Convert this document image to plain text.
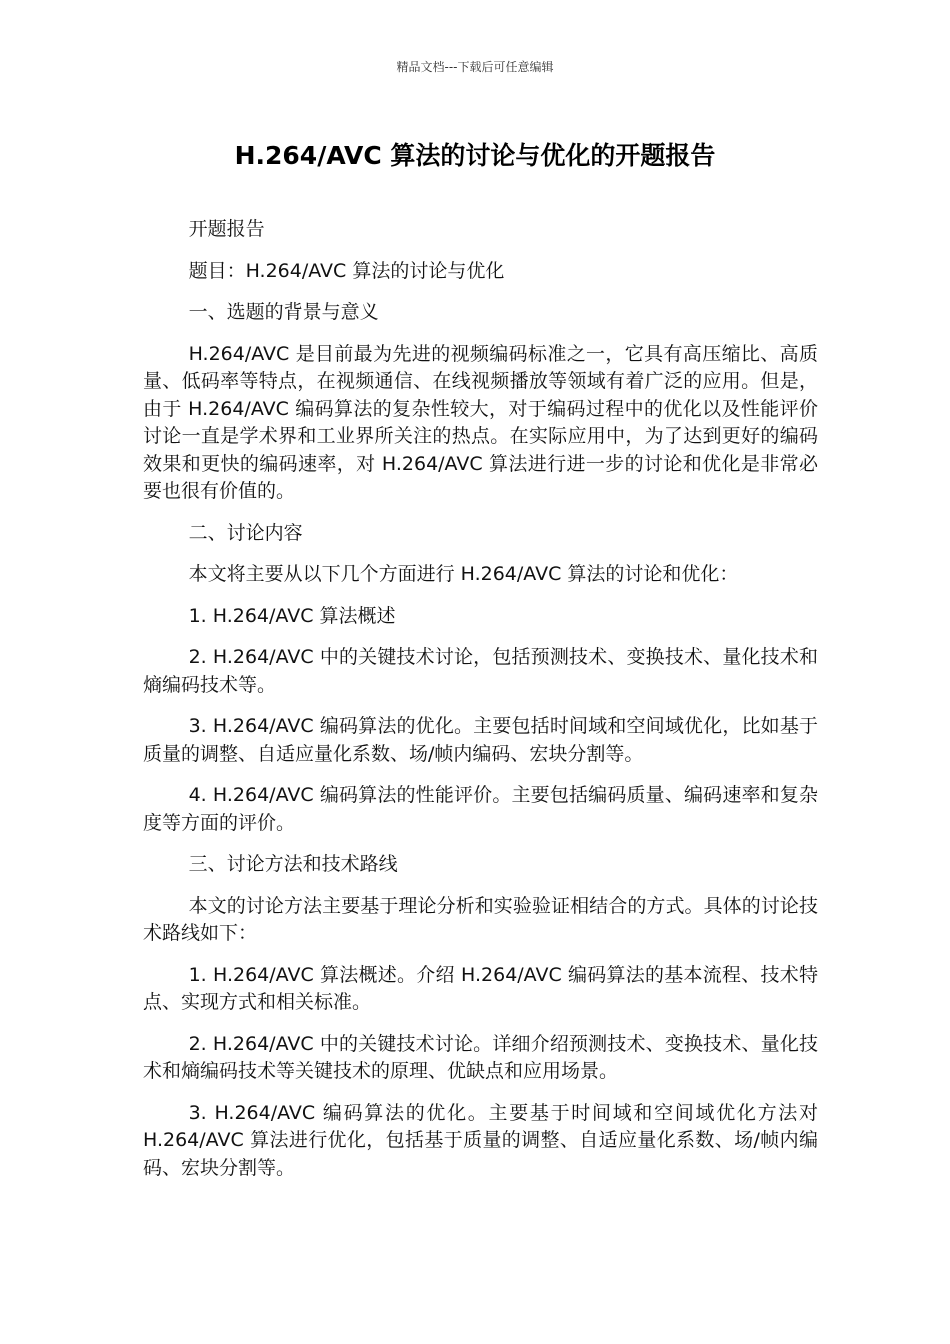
精品文档---下载后可任意编辑
H.264/AVC 算法的讨论与优化的开题报告

开题报告

题目：H.264/AVC 算法的讨论与优化

一、选题的背景与意义

H.264/AVC 是目前最为先进的视频编码标准之一，它具有高压缩比、高质量、低码率等特点，在视频通信、在线视频播放等领域有着广泛的应用。但是，由于 H.264/AVC 编码算法的复杂性较大，对于编码过程中的优化以及性能评价讨论一直是学术界和工业界所关注的热点。在实际应用中，为了达到更好的编码效果和更快的编码速率，对 H.264/AVC 算法进行进一步的讨论和优化是非常必要也很有价值的。

二、讨论内容

本文将主要从以下几个方面进行 H.264/AVC 算法的讨论和优化：

1. H.264/AVC 算法概述

2. H.264/AVC 中的关键技术讨论，包括预测技术、变换技术、量化技术和熵编码技术等。

3. H.264/AVC 编码算法的优化。主要包括时间域和空间域优化，比如基于质量的调整、自适应量化系数、场/帧内编码、宏块分割等。

4. H.264/AVC 编码算法的性能评价。主要包括编码质量、编码速率和复杂度等方面的评价。

三、讨论方法和技术路线

本文的讨论方法主要基于理论分析和实验验证相结合的方式。具体的讨论技术路线如下：

1. H.264/AVC 算法概述。介绍 H.264/AVC 编码算法的基本流程、技术特点、实现方式和相关标准。

2. H.264/AVC 中的关键技术讨论。详细介绍预测技术、变换技术、量化技术和熵编码技术等关键技术的原理、优缺点和应用场景。

3. H.264/AVC 编码算法的优化。主要基于时间域和空间域优化方法对 H.264/AVC 算法进行优化，包括基于质量的调整、自适应量化系数、场/帧内编码、宏块分割等。
